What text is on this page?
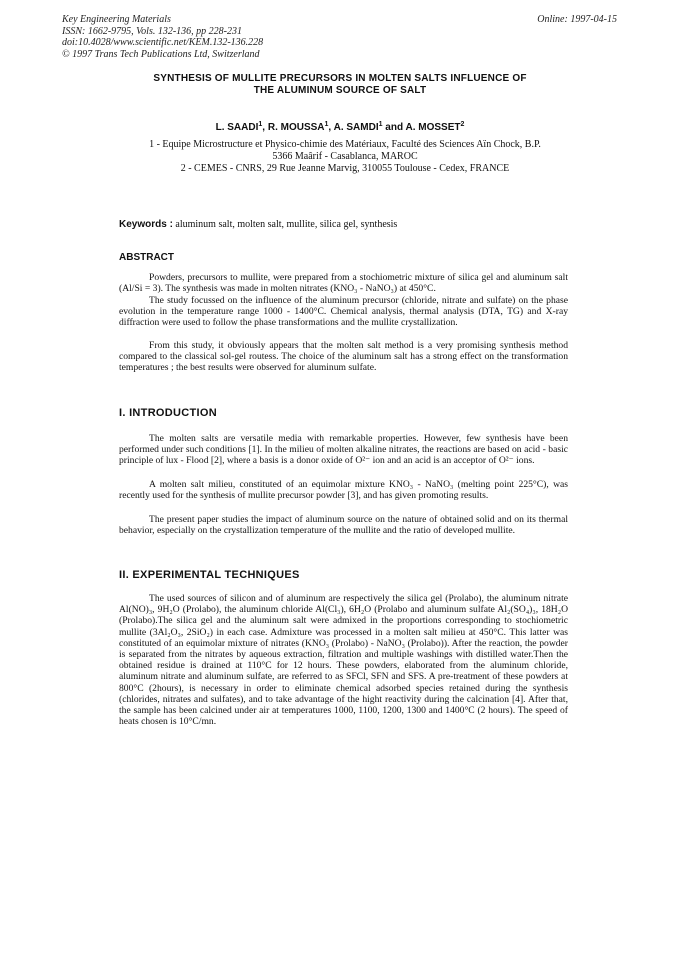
Key Engineering Materials
ISSN: 1662-9795, Vols. 132-136, pp 228-231
doi:10.4028/www.scientific.net/KEM.132-136.228
© 1997 Trans Tech Publications Ltd, Switzerland
Online: 1997-04-15
SYNTHESIS OF MULLITE PRECURSORS IN MOLTEN SALTS INFLUENCE OF
THE ALUMINUM SOURCE OF SALT
L. SAADI$^1$, R. MOUSSA$^1$, A. SAMDI$^1$ and A. MOSSET$^2$
1 - Equipe Microstructure et Physico-chimie des Matériaux, Faculté des Sciences Aïn Chock, B.P.
5366 Maârif - Casablanca, MAROC
2 - CEMES - CNRS, 29 Rue Jeanne Marvig, 310055 Toulouse - Cedex, FRANCE
Keywords : aluminum salt, molten salt, mullite, silica gel, synthesis
ABSTRACT

Powders, precursors to mullite, were prepared from a stochiometric mixture of silica gel and aluminum salt (Al/Si = 3). The synthesis was made in molten nitrates (KNO₃ - NaNO₃) at 450°C.

The study focussed on the influence of the aluminum precursor (chloride, nitrate and sulfate) on the phase evolution in the temperature range 1000 - 1400°C. Chemical analysis, thermal analysis (DTA, TG) and X-ray diffraction were used to follow the phase transformations and the mullite crystallization.

From this study, it obviously appears that the molten salt method is a very promising synthesis method compared to the classical sol-gel routess. The choice of the aluminum salt has a strong effect on the transformation temperatures ; the best results were observed for aluminum sulfate.

I. INTRODUCTION

The molten salts are versatile media with remarkable properties. However, few synthesis have been performed under such conditions [1]. In the milieu of molten alkaline nitrates, the reactions are based on acid - basic principle of lux - Flood [2], where a basis is a donor oxide of O²⁻ ion and an acid is an acceptor of O²⁻ ions.

A molten salt milieu, constituted of an equimolar mixture KNO₃ - NaNO₃ (melting point 225°C), was recently used for the synthesis of mullite precursor powder [3], and has given promoting results.

The present paper studies the impact of aluminum source on the nature of obtained solid and on its thermal behavior, especially on the crystallization temperature of the mullite and the ratio of developed mullite.

II. EXPERIMENTAL TECHNIQUES

The used sources of silicon and of aluminum are respectively the silica gel (Prolabo), the aluminum nitrate Al(NO)₃, 9H₂O (Prolabo), the aluminum chloride Al(Cl₃), 6H₂O (Prolabo and aluminum sulfate Al₂(SO₄)₃, 18H₂O (Prolabo).The silica gel and the aluminum salt were admixed in the proportions corresponding to stochiometric mullite (3Al₂O₃, 2SiO₂) in each case. Admixture was processed in a molten salt milieu at 450°C. This latter was constituted of an equimolar mixture of nitrates (KNO₃ (Prolabo) - NaNO₃ (Prolabo)). After the reaction, the powder is separated from the nitrates by aqueous extraction, filtration and multiple washings with distilled water.Then the obtained residue is drained at 110°C for 12 hours. These powders, elaborated from the aluminum chloride, aluminum nitrate and aluminum sulfate, are referred to as SFCl, SFN and SFS. A pre-treatment of these powders at 800°C (2hours), is necessary in order to eliminate chemical adsorbed species retained during the synthesis (chlorides, nitrates and sulfates), and to take advantage of the hight reactivity during the calcination [4]. After that, the sample has been calcined under air at temperatures 1000, 1100, 1200, 1300 and 1400°C (2 hours). The speed of heats chosen is 10°C/mn.
